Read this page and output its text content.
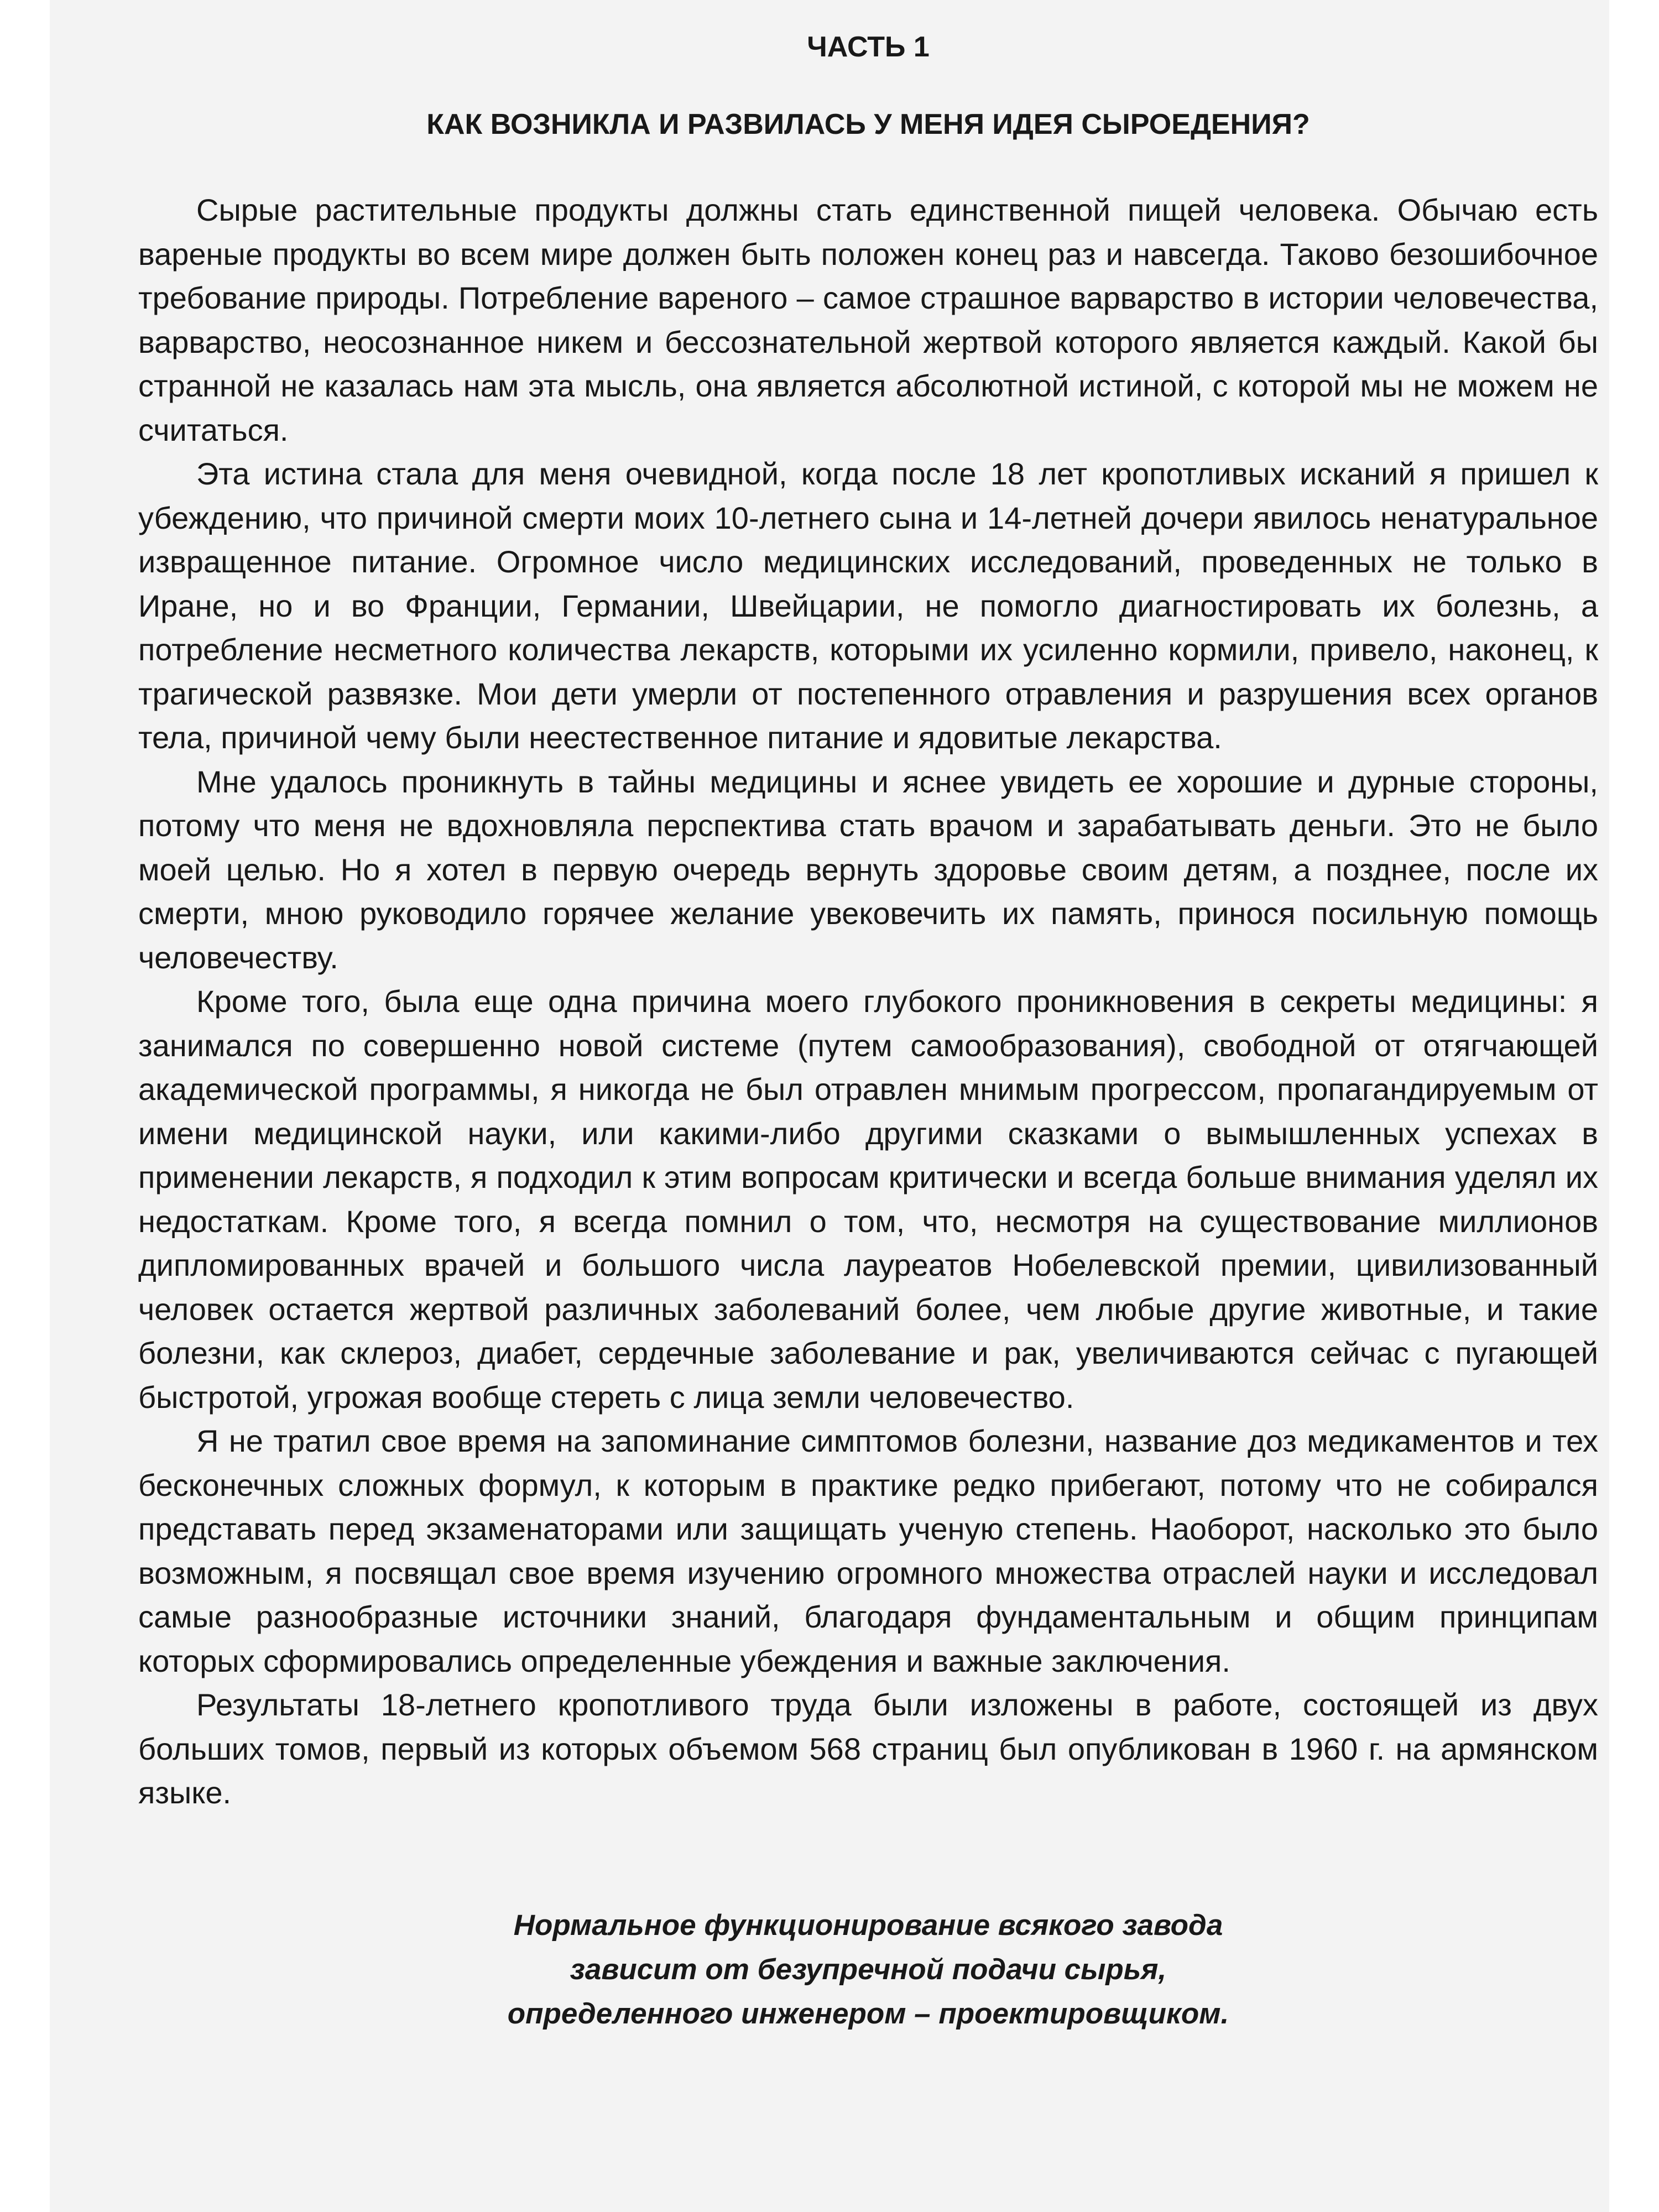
ЧАСТЬ 1
КАК ВОЗНИКЛА И РАЗВИЛАСЬ У МЕНЯ ИДЕЯ СЫРОЕДЕНИЯ?

Сырые растительные продукты должны стать единственной пищей человека. Обычаю есть вареные продукты во всем мире должен быть положен конец раз и навсегда. Таково безошибочное требование природы. Потребление вареного – самое страшное варварство в истории человечества, варварство, неосознанное никем и бессознательной жертвой которого является каждый. Какой бы странной не казалась нам эта мысль, она является абсолютной истиной, с которой мы не можем не считаться.

Эта истина стала для меня очевидной, когда после 18 лет кропотливых исканий я пришел к убеждению, что причиной смерти моих 10-летнего сына и 14-летней дочери явилось ненатуральное извращенное питание. Огромное число медицинских исследований, проведенных не только в Иране, но и во Франции, Германии, Швейцарии, не помогло диагностировать их болезнь, а потребление несметного количества лекарств, которыми их усиленно кормили, привело, наконец, к трагической развязке. Мои дети умерли от постепенного отравления и разрушения всех органов тела, причиной чему были неестественное питание и ядовитые лекарства.

Мне удалось проникнуть в тайны медицины и яснее увидеть ее хорошие и дурные стороны, потому что меня не вдохновляла перспектива стать врачом и зарабатывать деньги. Это не было моей целью. Но я хотел в первую очередь вернуть здоровье своим детям, а позднее, после их смерти, мною руководило горячее желание увековечить их память, принося посильную помощь человечеству.

Кроме того, была еще одна причина моего глубокого проникновения в секреты медицины: я занимался по совершенно новой системе (путем самообразования), свободной от отягчающей академической программы, я никогда не был отравлен мнимым прогрессом, пропагандируемым от имени медицинской науки, или какими-либо другими сказками о вымышленных успехах в применении лекарств, я подходил к этим вопросам критически и всегда больше внимания уделял их недостаткам. Кроме того, я всегда помнил о том, что, несмотря на существование миллионов дипломированных врачей и большого числа лауреатов Нобелевской премии, цивилизованный человек остается жертвой различных заболеваний более, чем любые другие животные, и такие болезни, как склероз, диабет, сердечные заболевание и рак, увеличиваются сейчас с пугающей быстротой, угрожая вообще стереть с лица земли человечество.

Я не тратил свое время на запоминание симптомов болезни, название доз медикаментов и тех бесконечных сложных формул, к которым в практике редко прибегают, потому что не собирался представать перед экзаменаторами или защищать ученую степень. Наоборот, насколько это было возможным, я посвящал свое время изучению огромного множества отраслей науки и исследовал самые разнообразные источники знаний, благодаря фундаментальным и общим принципам которых сформировались определенные убеждения и важные заключения.

Результаты 18-летнего кропотливого труда были изложены в работе, состоящей из двух больших томов, первый из которых объемом 568 страниц был опубликован в 1960 г. на армянском языке.

Нормальное функционирование всякого завода
зависит от безупречной подачи сырья,
определенного инженером – проектировщиком.
